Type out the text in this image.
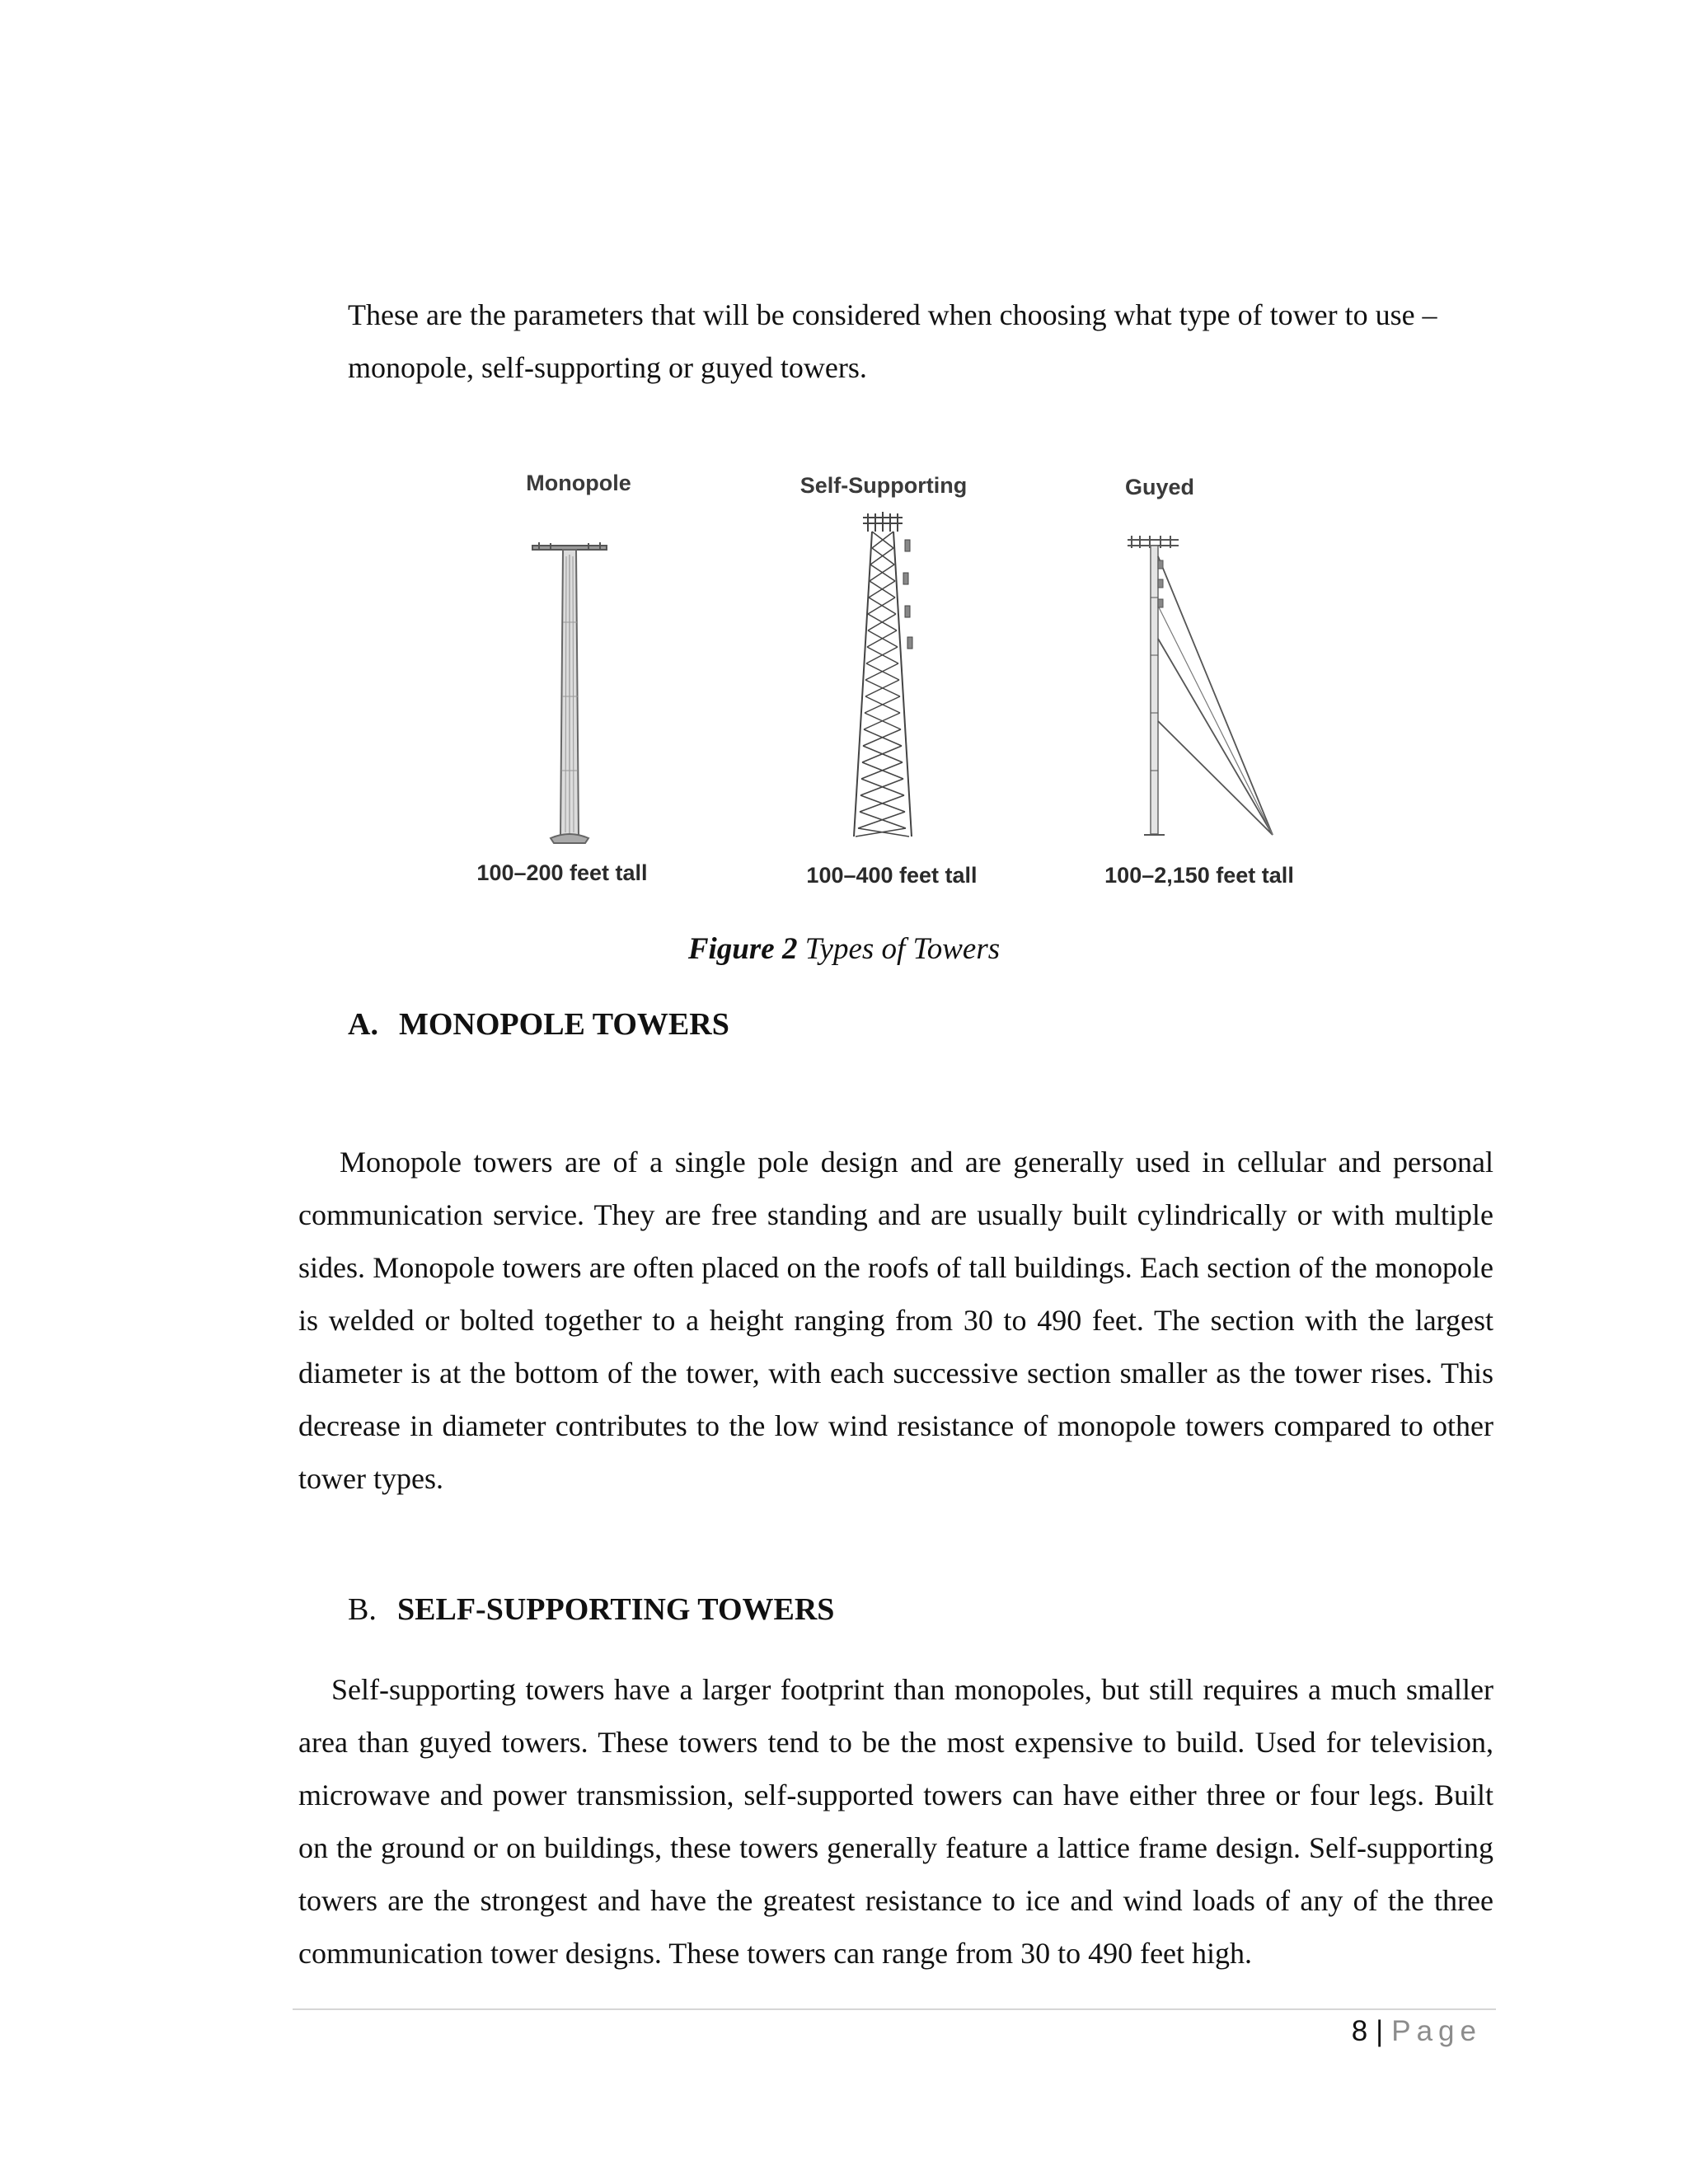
These are the parameters that will be considered when choosing what type of tower to use – monopole, self-supporting or guyed towers.

Monopole	Self-Supporting	Guyed
100–200 feet tall	100–400 feet tall	100–2,150 feet tall

Figure 2 Types of Towers

A. MONOPOLE TOWERS

Monopole towers are of a single pole design and are generally used in cellular and personal communication service. They are free standing and are usually built cylindrically or with multiple sides. Monopole towers are often placed on the roofs of tall buildings. Each section of the monopole is welded or bolted together to a height ranging from 30 to 490 feet. The section with the largest diameter is at the bottom of the tower, with each successive section smaller as the tower rises. This decrease in diameter contributes to the low wind resistance of monopole towers compared to other tower types.

B. SELF-SUPPORTING TOWERS

Self-supporting towers have a larger footprint than monopoles, but still requires a much smaller area than guyed towers. These towers tend to be the most expensive to build. Used for television, microwave and power transmission, self-supported towers can have either three or four legs. Built on the ground or on buildings, these towers generally feature a lattice frame design. Self-supporting towers are the strongest and have the greatest resistance to ice and wind loads of any of the three communication tower designs. These towers can range from 30 to 490 feet high.

8 | Page
